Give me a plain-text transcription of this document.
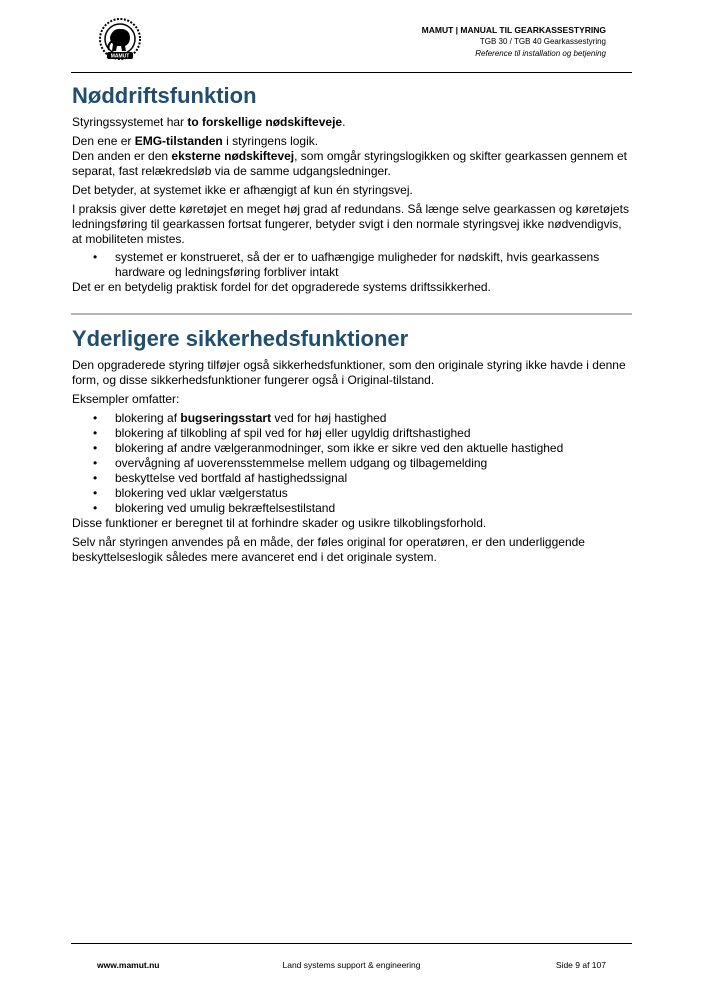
MAMUT
MAMUT | MANUAL TIL GEARKASSESTYRING
TGB 30 / TGB 40 Gearkassestyring
Reference til installation og betjening
Nøddriftsfunktion

Styringssystemet har to forskellige nødskifteveje.

Den ene er EMG-tilstanden i styringens logik.

Den anden er den eksterne nødskiftevej, som omgår styringslogikken og skifter gearkassen gennem et separat, fast relækredsløb via de samme udgangsledninger.

Det betyder, at systemet ikke er afhængigt af kun én styringsvej.

I praksis giver dette køretøjet en meget høj grad af redundans. Så længe selve gearkassen og køretøjets ledningsføring til gearkassen fortsat fungerer, betyder svigt i den normale styringsvej ikke nødvendigvis, at mobiliteten mistes.

• systemet er konstrueret, så der er to uafhængige muligheder for nødskift, hvis gearkassens hardware og ledningsføring forbliver intakt

Det er en betydelig praktisk fordel for det opgraderede systems driftssikkerhed.

Yderligere sikkerhedsfunktioner

Den opgraderede styring tilføjer også sikkerhedsfunktioner, som den originale styring ikke havde i denne form, og disse sikkerhedsfunktioner fungerer også i Original-tilstand.

Eksempler omfatter:

• blokering af bugseringsstart ved for høj hastighed
• blokering af tilkobling af spil ved for høj eller ugyldig driftshastighed
• blokering af andre vælgeranmodninger, som ikke er sikre ved den aktuelle hastighed
• overvågning af uoverensstemmelse mellem udgang og tilbagemelding
• beskyttelse ved bortfald af hastighedssignal
• blokering ved uklar vælgerstatus
• blokering ved umulig bekræftelsestilstand

Disse funktioner er beregnet til at forhindre skader og usikre tilkoblingsforhold.

Selv når styringen anvendes på en måde, der føles original for operatøren, er den underliggende beskyttelseslogik således mere avanceret end i det originale system.

www.mamut.nu	Land systems support & engineering	Side 9 af 107
